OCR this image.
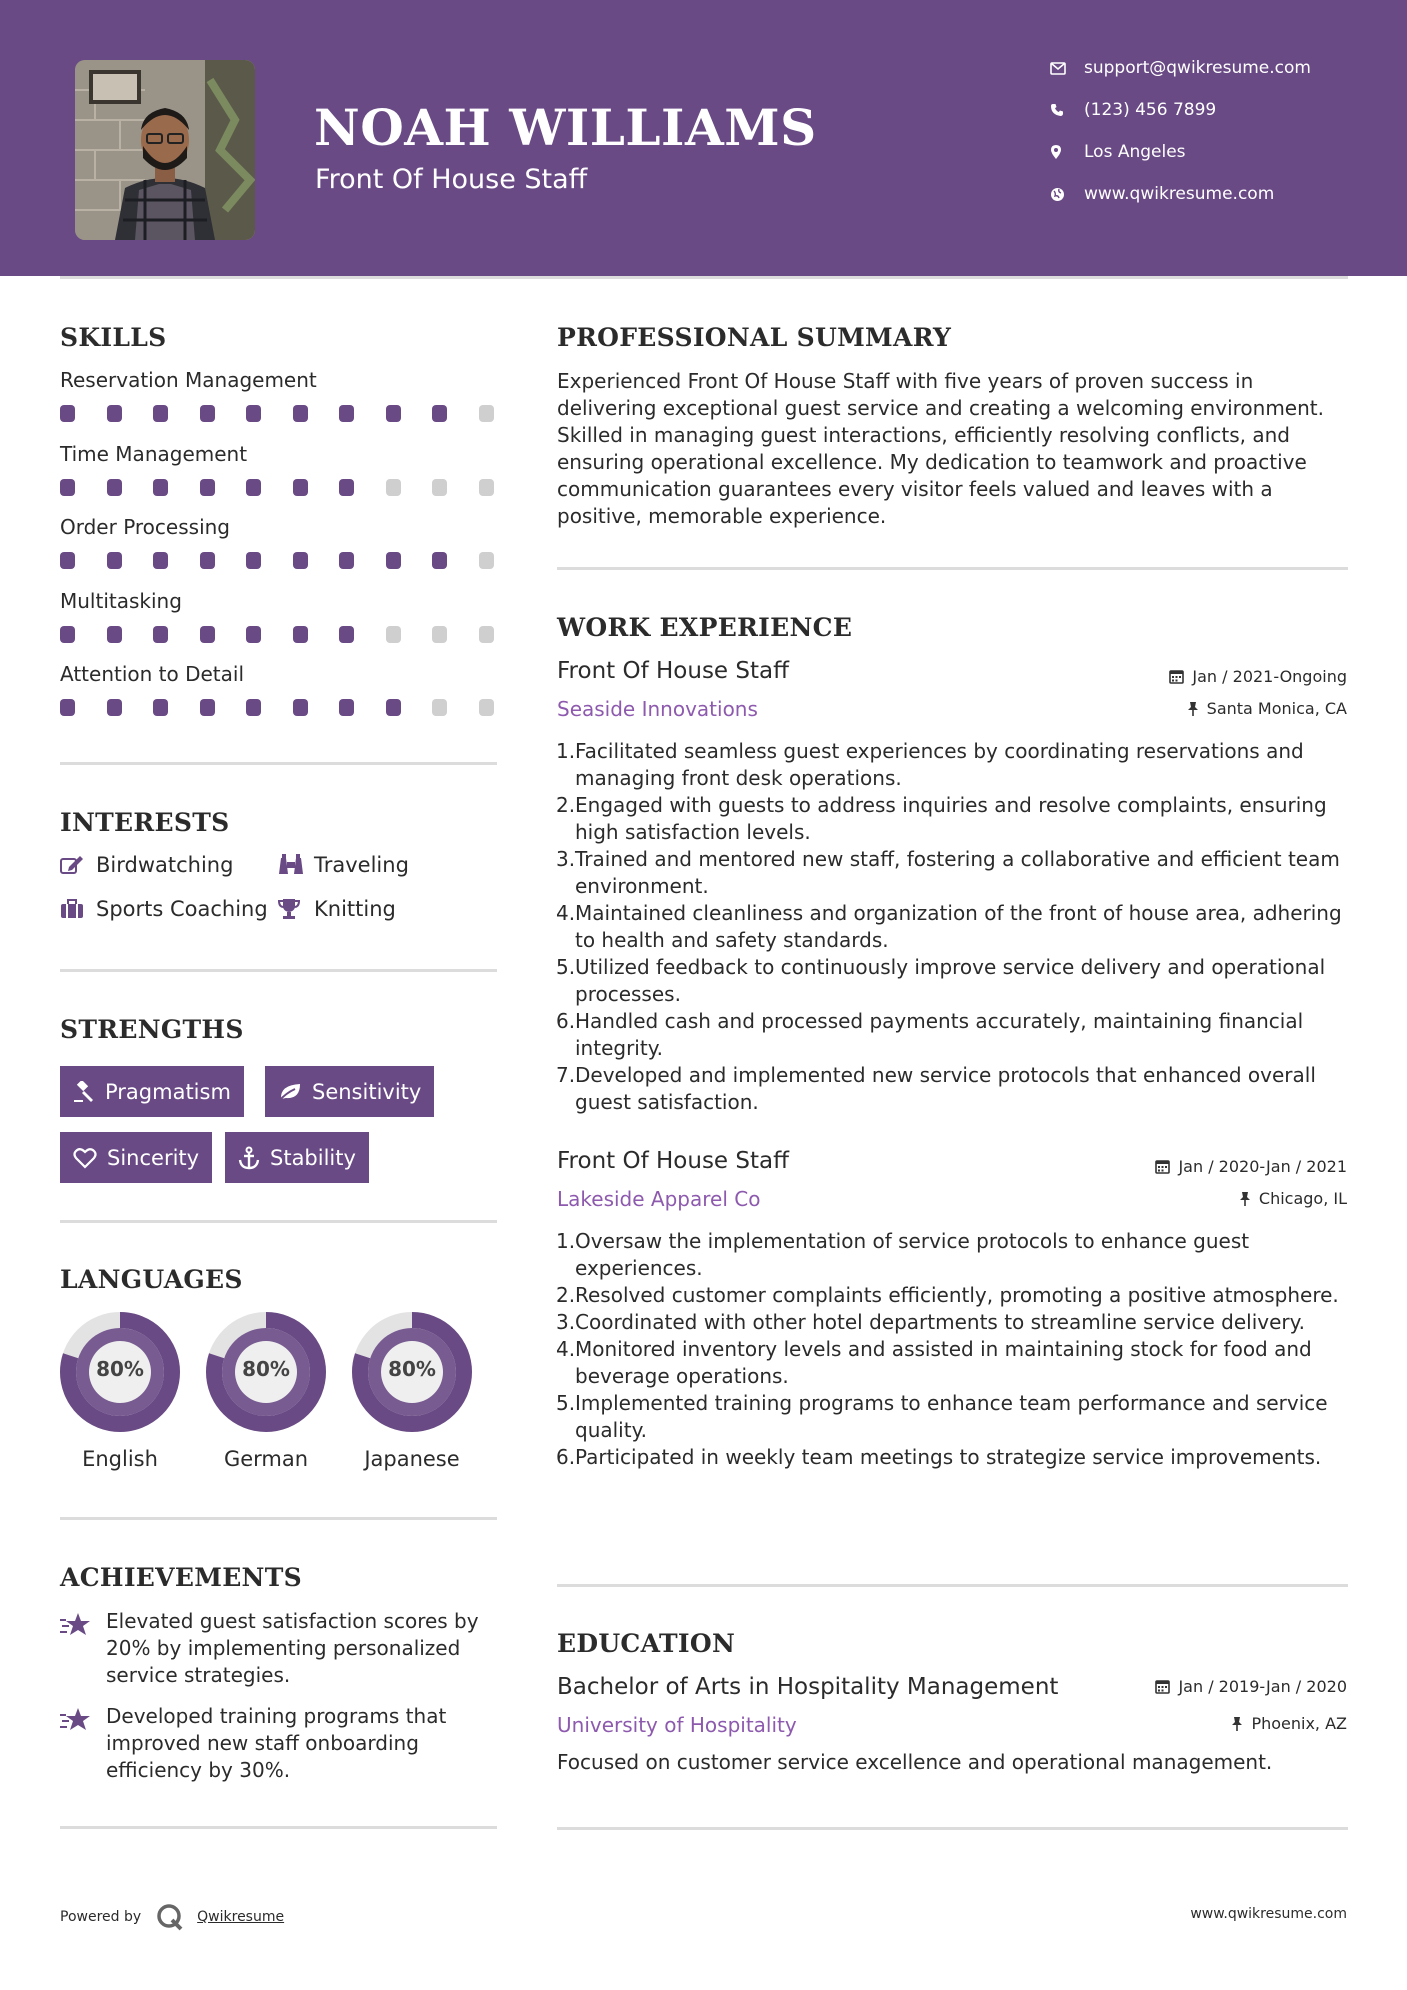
NOAH WILLIAMS
Front Of House Staff
support@qwikresume.com
(123) 456 7899
Los Angeles
www.qwikresume.com
SKILLS
Reservation Management
Time Management
Order Processing
Multitasking
Attention to Detail
INTERESTS
Birdwatching	Traveling
Sports Coaching Knitting
STRENGTHS
Pragmatism	Sensitivity
Sincerity	Stability
LANGUAGES
80%
English
80%
German
80%
Japanese
ACHIEVEMENTS
Elevated guest satisfaction scores by 20% by implementing personalized service strategies.
Developed training programs that improved new staff onboarding efficiency by 30%.
PROFESSIONAL SUMMARY
Experienced Front Of House Staff with five years of proven success in delivering exceptional guest service and creating a welcoming environment. Skilled in managing guest interactions, efficiently resolving conflicts, and ensuring operational excellence. My dedication to teamwork and proactive communication guarantees every visitor feels valued and leaves with a positive, memorable experience.
WORK EXPERIENCE
Front Of House Staff	Jan / 2021-Ongoing
Seaside Innovations	Santa Monica, CA
Facilitated seamless guest experiences by coordinating reservations and managing front desk operations.
Engaged with guests to address inquiries and resolve complaints, ensuring high satisfaction levels.
Trained and mentored new staff, fostering a collaborative and efficient team environment.
Maintained cleanliness and organization of the front of house area, adhering to health and safety standards.
Utilized feedback to continuously improve service delivery and operational processes.
Handled cash and processed payments accurately, maintaining financial integrity.
Developed and implemented new service protocols that enhanced overall guest satisfaction.
Front Of House Staff	Jan / 2020-Jan / 2021
Lakeside Apparel Co	Chicago, IL
Oversaw the implementation of service protocols to enhance guest experiences.
Resolved customer complaints efficiently, promoting a positive atmosphere.
Coordinated with other hotel departments to streamline service delivery.
Monitored inventory levels and assisted in maintaining stock for food and beverage operations.
Implemented training programs to enhance team performance and service quality.
Participated in weekly team meetings to strategize service improvements.
EDUCATION
Bachelor of Arts in Hospitality Management	Jan / 2019-Jan / 2020
University of Hospitality	Phoenix, AZ
Focused on customer service excellence and operational management.
Powered by	Qwikresume	www.qwikresume.com
